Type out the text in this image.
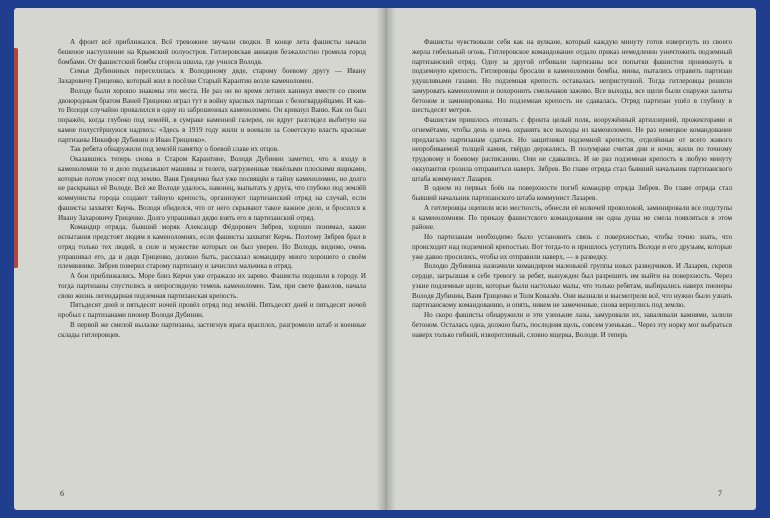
А фронт всё приближался. Всё тревожнее звучали сводки. В конце лета фашисты начали бешеное наступление на Крымский полуостров. Гитлеровская авиация безжалостно громила город бомбами. От фашистской бомбы сгорела школа, где учился Володя.

Семья Дубининых переселилась к Володиному дяде, старому боевому другу — Ивану Захаровичу Гриценко, который жил в посёлке Старый Карантин возле каменоломен.

Володе были хорошо знакомы эти места. Не раз он во время летних каникул вместе со своим двоюродным братом Ваней Гриценко играл тут в войну красных партизан с белогвардейцами. И как-то Володя случайно провалился в одну из заброшенных каменоломен. Он крикнул Ваню. Как он был поражён, когда глубоко под землёй, в сумраке каменной галереи, он вдруг разглядел выбитую на камне полустёршуюся надпись: «Здесь в 1919 году жили и воевали за Советскую власть красные партизаны Никифор Дубинин и Иван Гриценко».

Так ребята обнаружили под землёй памятку о боевой славе их отцов.

Оказавшись теперь снова в Старом Карантине, Володя Дубинин заметил, что к входу в каменоломни то и дело подъезжают машины и телеги, нагруженные тяжёлыми плоскими ящиками, которые потом уносят под землю. Ваня Гриценко был уже посвящён в тайну каменоломен, но долго не раскрывал её Володе. Всё же Володе удалось, наконец, выпытать у друга, что глубоко под землёй коммунисты города создают тайную крепость, организуют партизанский отряд на случай, если фашисты захватят Керчь. Володя обиделся, что от него скрывают такое важное дело, и бросился к Ивану Захаровичу Гриценко. Долго упрашивал дядю взять его в партизанский отряд.

Командир отряда, бывший моряк Александр Фёдорович Зябрев, хорошо понимал, какие испытания предстоят людям в каменоломнях, если фашисты захватят Керчь. Поэтому Зябрев брал в отряд только тех людей, в силе и мужестве которых он был уверен. Но Володя, видимо, очень упрашивал его, да и дядя Гриценко, должно быть, рассказал командиру много хорошего о своём племяннике. Зябрев поверил старому партизану и зачислил мальчика в отряд.

А бои приближались. Море близ Керчи уже отражало их зарево. Фашисты подошли к городу. И тогда партизаны спустились в непроглядную темень каменоломен. Там, при свете факелов, начала свою жизнь легендарная подземная партизанская крепость.

Пятьдесят дней и пятьдесят ночей провёл отряд под землёй. Пятьдесят дней и пятьдесят ночей пробыл с партизанами пионер Володя Дубинин.

В первой же смелой вылазке партизаны, застигнув врага врасплох, разгромили штаб и военные склады гитлеровцев.

6

Фашисты чувствовали себя как на вулкане, который каждую минуту готов извергнуть из своего жерла гибельный огонь. Гитлеровское командование отдало приказ немедленно уничтожить подземный партизанский отряд. Одну за другой отбивали партизаны все попытки фашистов проникнуть в подземную крепость. Гитлеровцы бросали в каменоломни бомбы, мины, пытались отравить партизан удушливыми газами. Но подземная крепость оставалась неприступной. Тогда гитлеровцы решили замуровать каменоломни и похоронить смельчаков заживо. Все выходы, все щели были снаружи залиты бетоном и заминированы. Но подземная крепость не сдавалась. Отряд партизан ушёл в глубину в шестьдесят метров.

Фашистам пришлось отозвать с фронта целый полк, вооружённый артиллерией, прожекторами и огнемётами, чтобы день и ночь охранять все выходы из каменоломен. Не раз немецкое командование предлагало партизанам сдаться. Но защитники подземной крепости, отделённые от всего живого непробиваемой толщей камня, твёрдо держались. В полумраке считая дни и ночи, жили по точному трудовому и боевому расписанию. Они не сдавались. И не раз подземная крепость в любую минуту оккупантов грозила отправиться наверх. Зябрев. Во главе отряда стал бывший начальник партизанского штаба коммунист Лазарев.

В одном из первых боёв на поверхности погиб командир отряда Зябрев. Во главе отряда стал бывший начальник партизанского штаба коммунист Лазарев.

А гитлеровцы оцепили всю местность, обнесли её колючей проволокой, заминировали все подступы к каменоломням. По приказу фашистского командования ни одна душа не смела появляться в этом районе.

Но партизанам необходимо было установить связь с поверхностью, чтобы точно знать, что происходит над подземной крепостью. Вот тогда-то и пришлось уступить Володе и его друзьям, которые уже давно просились, чтобы их отправили наверх, — в разведку.

Володю Дубинина назначили командиром маленькой группы юных разведчиков. И Лазарев, скрепя сердце, загрызшая в себе тревогу за ребят, вынужден был разрешить им выйти на поверхность. Через узкие подземные щели, которые были настолько малы, что только ребятам, выбирались наверх пионеры Володя Дубинин, Ваня Гриценко и Толя Ковалёв. Они вызнали и высмотрели всё, что нужно было узнать партизанскому командованию, и опять, никем не замеченные, снова вернулись под землю.

Но скоро фашисты обнаружили и эти узенькие лазы, замуровали их, заваливали камнями, залили бетоном. Осталась одна, должно быть, последняя щель, совсем узенькая... Через эту норку мог выбраться наверх только гибкий, изворотливый, словно ящерка, Володя. И теперь

7
